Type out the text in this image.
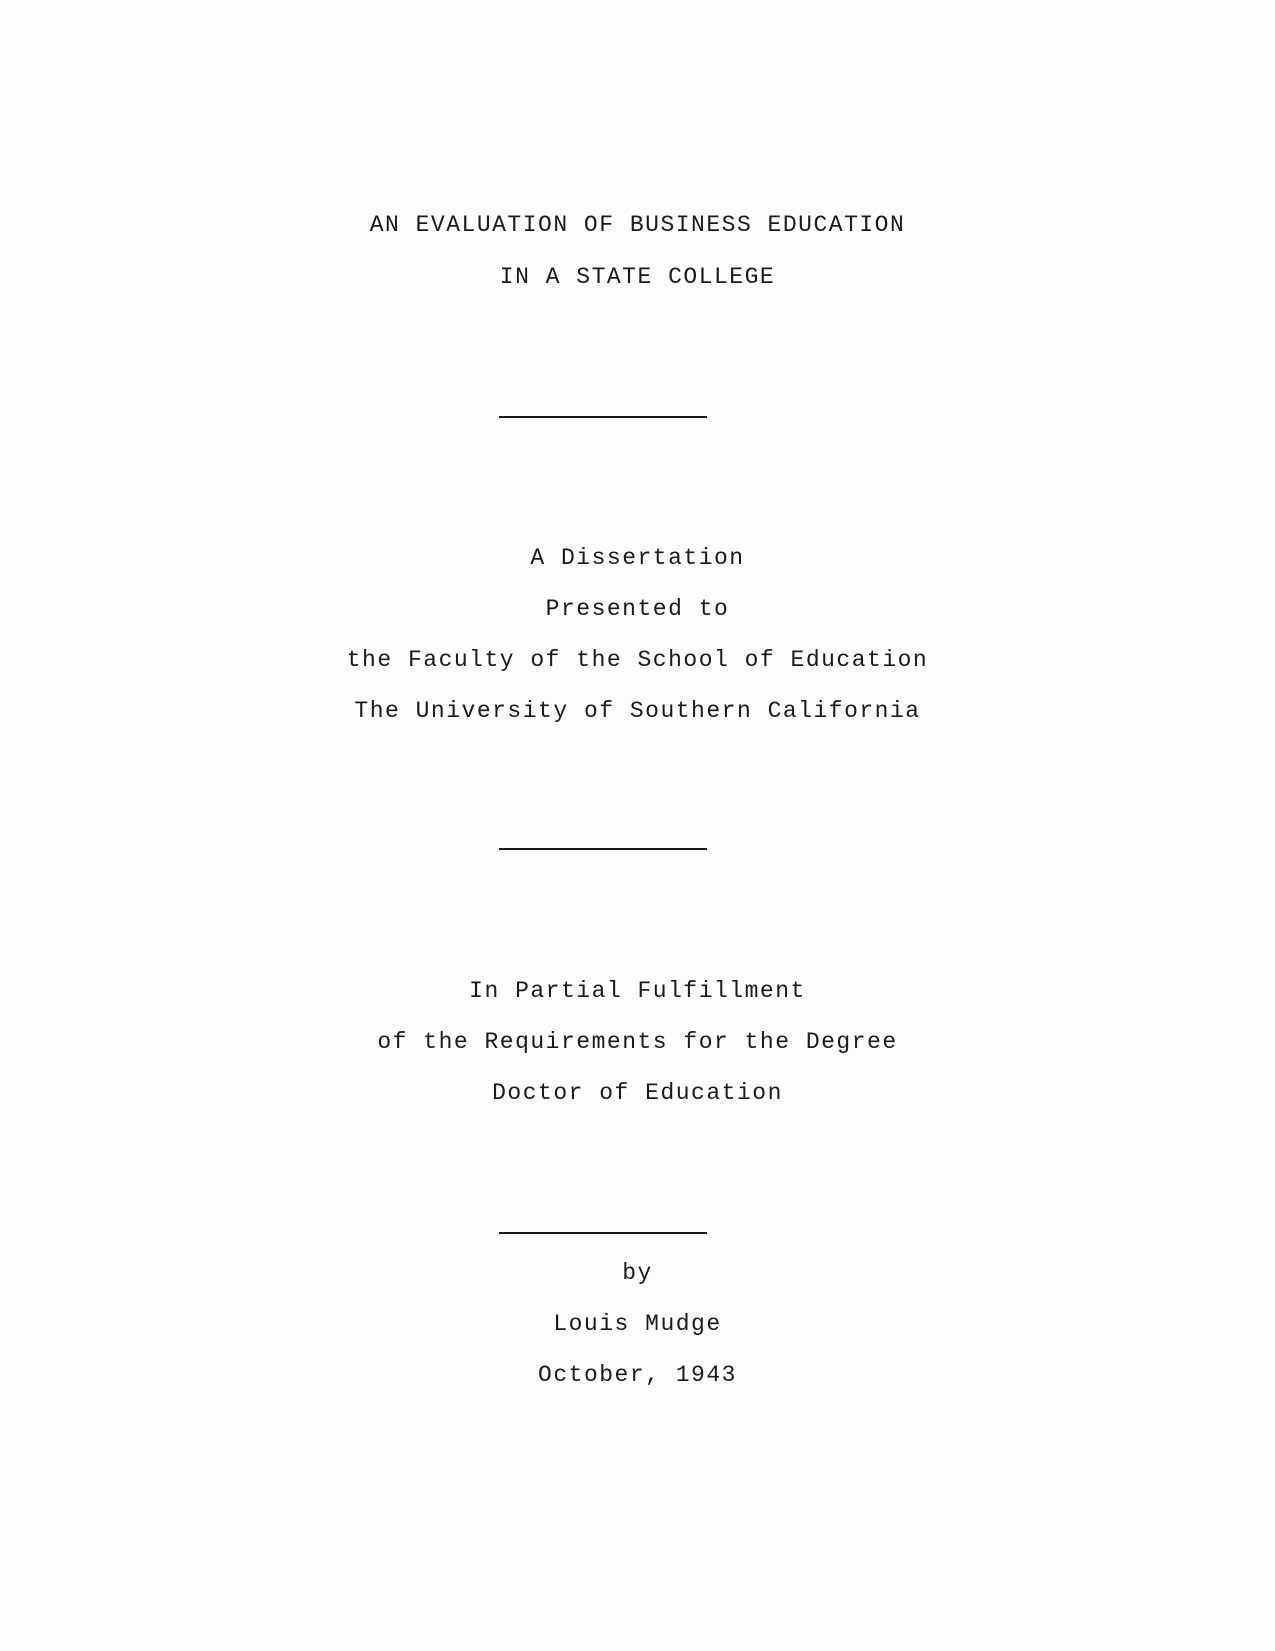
AN EVALUATION OF BUSINESS EDUCATION
IN A STATE COLLEGE
A Dissertation
Presented to
the Faculty of the School of Education
The University of Southern California
In Partial Fulfillment
of the Requirements for the Degree
Doctor of Education
by
Louis Mudge
October, 1943
